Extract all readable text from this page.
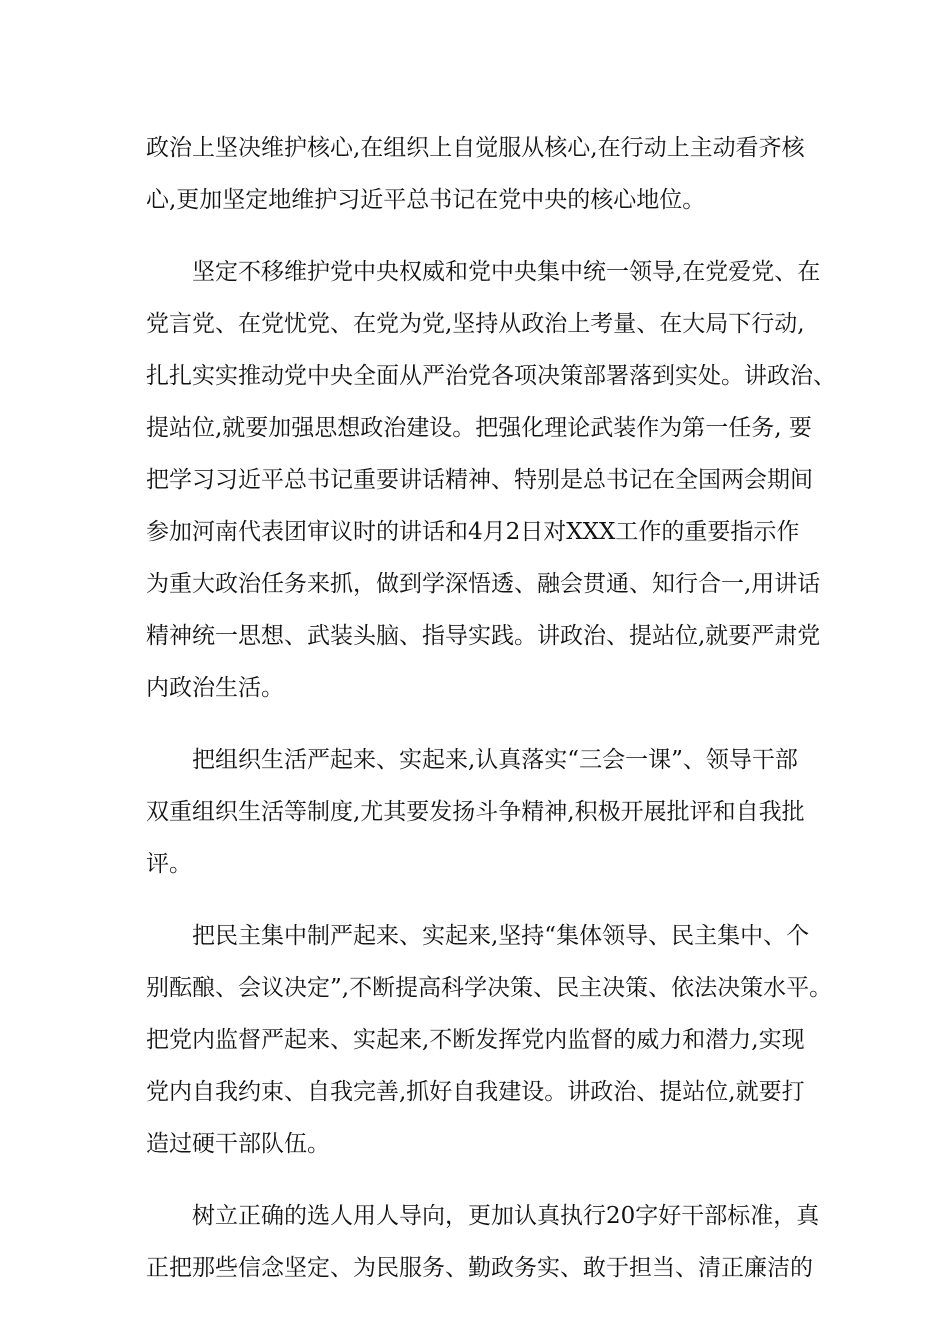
政治上坚决维护核心,在组织上自觉服从核心,在行动上主动看齐核
心,更加坚定地维护习近平总书记在党中央的核心地位。
坚定不移维护党中央权威和党中央集中统一领导,在党爱党、在
党言党、在党忧党、在党为党,坚持从政治上考量、在大局下行动,
扎扎实实推动党中央全面从严治党各项决策部署落到实处。讲政治、
提站位,就要加强思想政治建设。把强化理论武装作为第一任务, 要
把学习习近平总书记重要讲话精神、特别是总书记在全国两会期间
参加河南代表团审议时的讲话和4月2日对XXX工作的重要指示作
为重大政治任务来抓，做到学深悟透、融会贯通、知行合一,用讲话
精神统一思想、武装头脑、指导实践。讲政治、提站位,就要严肃党
内政治生活。
把组织生活严起来、实起来,认真落实“三会一课”、领导干部
双重组织生活等制度,尤其要发扬斗争精神,积极开展批评和自我批
评。
把民主集中制严起来、实起来,坚持“集体领导、民主集中、个
别酝酿、会议决定”,不断提高科学决策、民主决策、依法决策水平。
把党内监督严起来、实起来,不断发挥党内监督的威力和潜力,实现
党内自我约束、自我完善,抓好自我建设。讲政治、提站位,就要打
造过硬干部队伍。
树立正确的选人用人导向，更加认真执行20字好干部标准，真
正把那些信念坚定、为民服务、勤政务实、敢于担当、清正廉洁的
